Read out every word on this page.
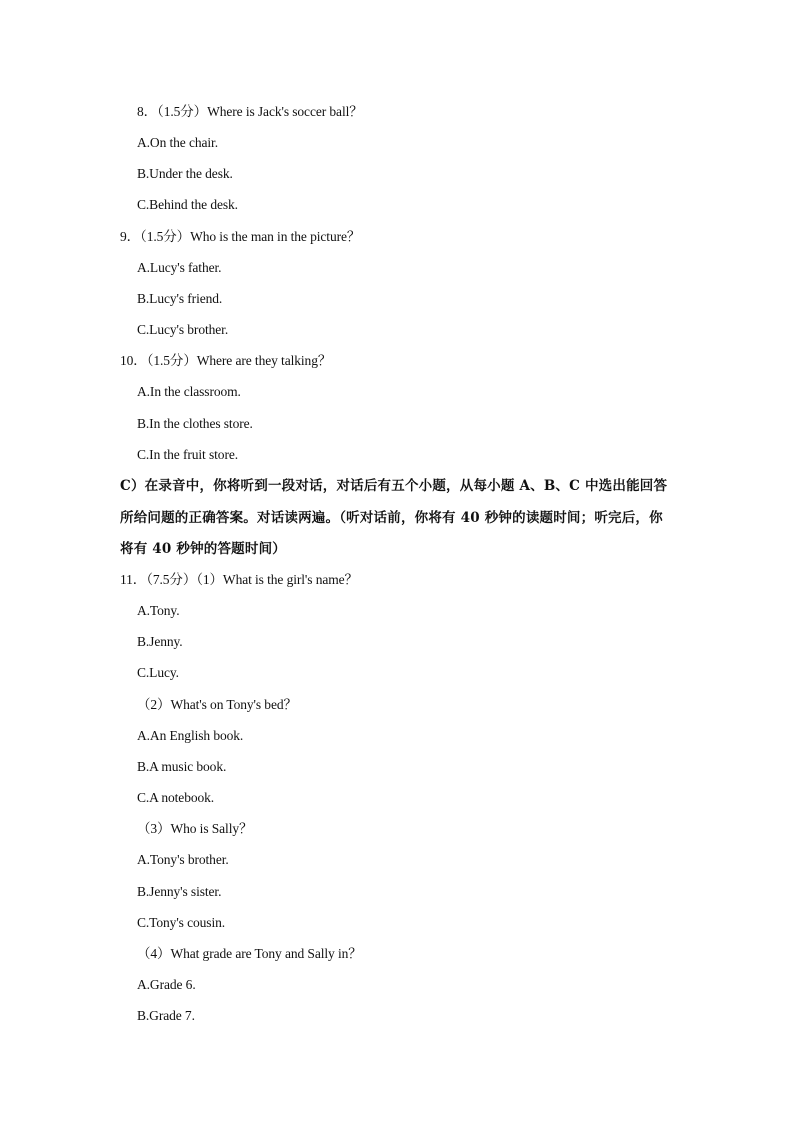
8．（1.5分）Where is Jack's soccer ball？
A.On the chair.
B.Under the desk.
C.Behind the desk.
9．（1.5分）Who is the man in the picture？
A.Lucy's father.
B.Lucy's friend.
C.Lucy's brother.
10．（1.5分）Where are they talking？
A.In the classroom.
B.In the clothes store.
C.In the fruit store.
C）在录音中，你将听到一段对话，对话后有五个小题，从每小题 A、B、C 中选出能回答
所给问题的正确答案。对话读两遍。（听对话前，你将有 40 秒钟的读题时间；听完后，你
将有 40 秒钟的答题时间）
11．（7.5分）（1）What is the girl's name？
A.Tony.
B.Jenny.
C.Lucy.
（2）What's on Tony's bed？
A.An English book.
B.A music book.
C.A notebook.
（3）Who is Sally？
A.Tony's brother.
B.Jenny's sister.
C.Tony's cousin.
（4）What grade are Tony and Sally in？
A.Grade 6.
B.Grade 7.
